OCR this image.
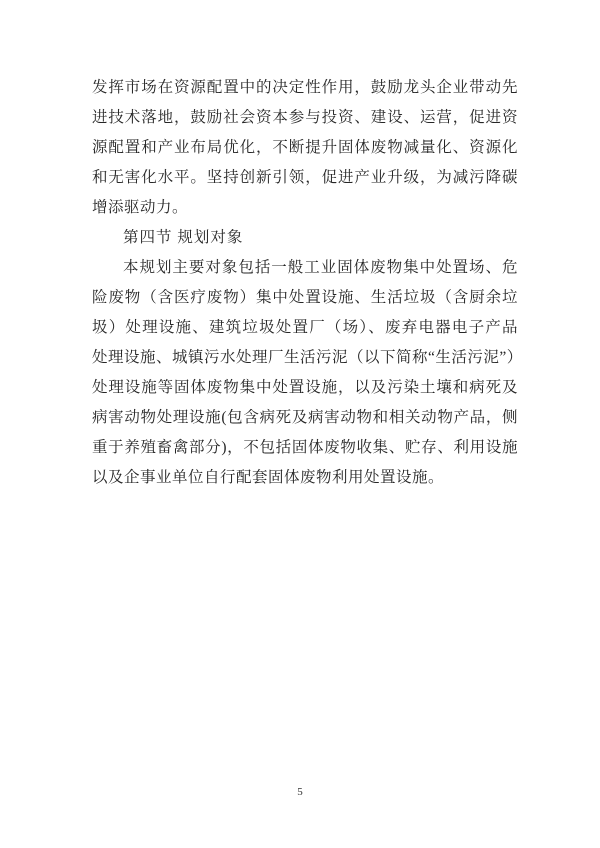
发挥市场在资源配置中的决定性作用，鼓励龙头企业带动先
进技术落地，鼓励社会资本参与投资、建设、运营，促进资
源配置和产业布局优化，不断提升固体废物减量化、资源化
和无害化水平。坚持创新引领，促进产业升级，为减污降碳
增添驱动力。
第四节 规划对象
本规划主要对象包括一般工业固体废物集中处置场、危
险废物（含医疗废物）集中处置设施、生活垃圾（含厨余垃
圾）处理设施、建筑垃圾处置厂（场）、废弃电器电子产品
处理设施、城镇污水处理厂生活污泥（以下简称“生活污泥”）
处理设施等固体废物集中处置设施，以及污染土壤和病死及
病害动物处理设施(包含病死及病害动物和相关动物产品，侧
重于养殖畜禽部分)，不包括固体废物收集、贮存、利用设施
以及企事业单位自行配套固体废物利用处置设施。
5
